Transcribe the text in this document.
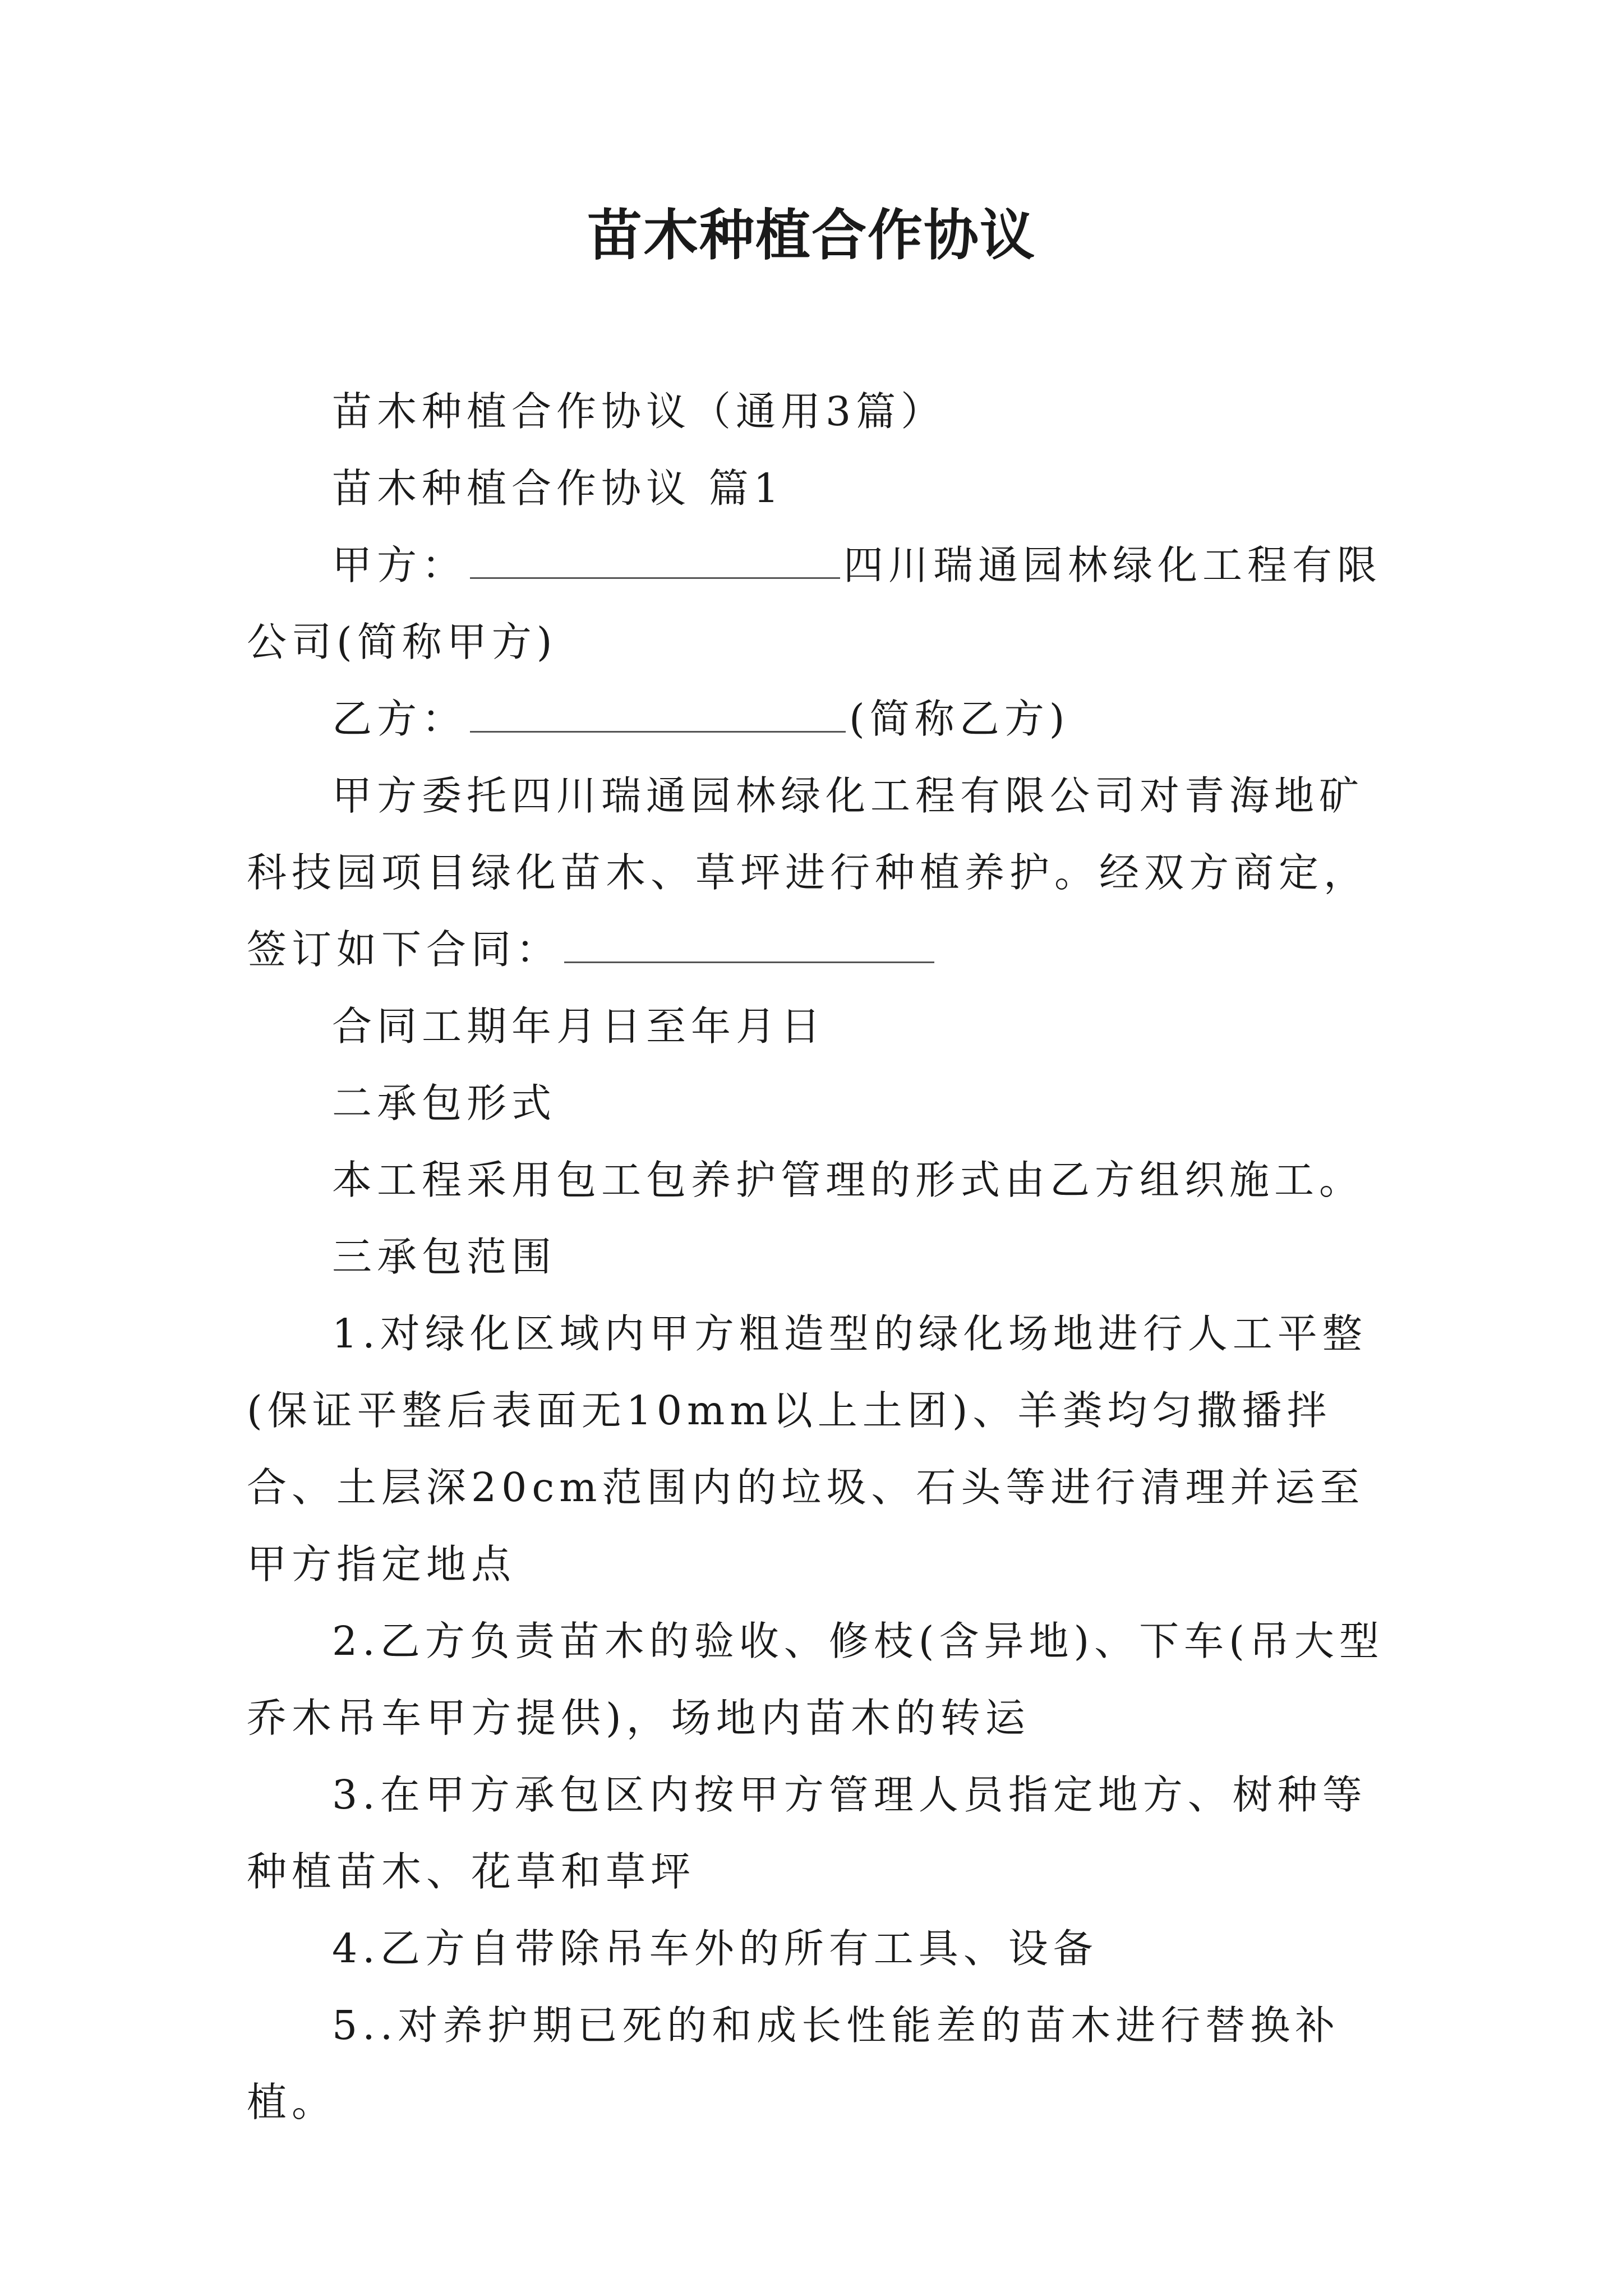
苗木种植合作协议

苗木种植合作协议（通用3篇）

苗木种植合作协议 篇1

甲方：	四川瑞通园林绿化工程有限公司(简称甲方)

乙方：	(简称乙方)

甲方委托四川瑞通园林绿化工程有限公司对青海地矿科技园项目绿化苗木、草坪进行种植养护。经双方商定，签订如下合同：

合同工期年月日至年月日

二承包形式

本工程采用包工包养护管理的形式由乙方组织施工。

三承包范围

1.对绿化区域内甲方粗造型的绿化场地进行人工平整(保证平整后表面无10mm以上土团)、羊粪均匀撒播拌合、土层深20cm范围内的垃圾、石头等进行清理并运至甲方指定地点

2.乙方负责苗木的验收、修枝(含异地)、下车(吊大型乔木吊车甲方提供)，场地内苗木的转运

3.在甲方承包区内按甲方管理人员指定地方、树种等种植苗木、花草和草坪

4.乙方自带除吊车外的所有工具、设备

5..对养护期已死的和成长性能差的苗木进行替换补植。
